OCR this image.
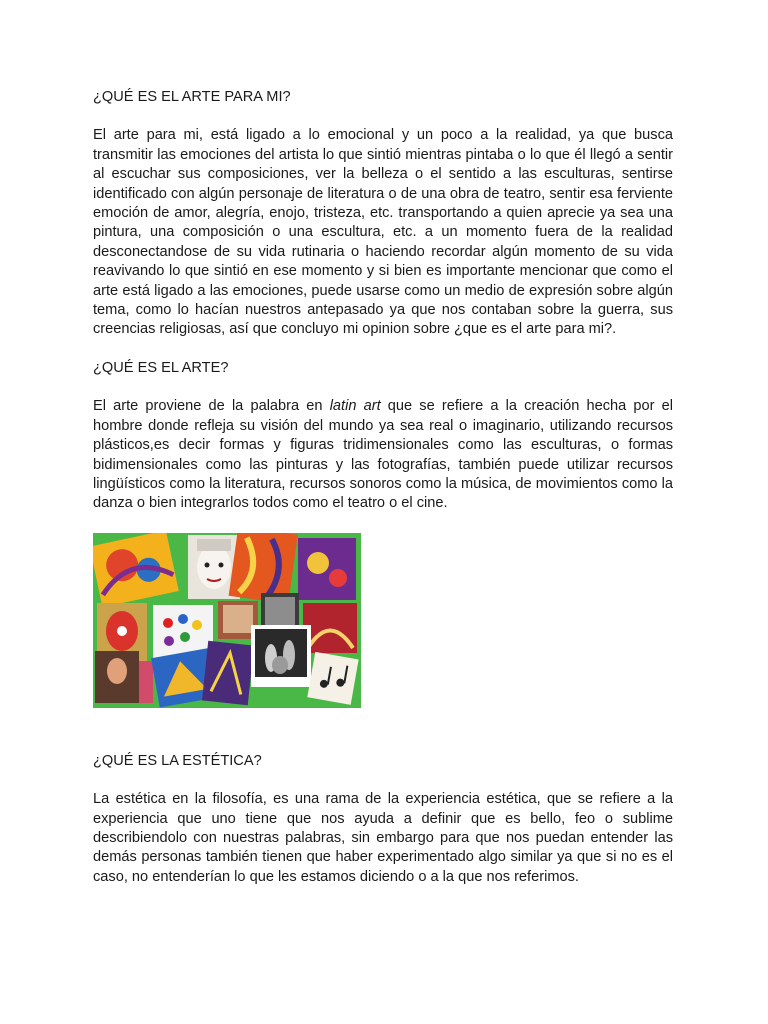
¿QUÉ ES EL ARTE PARA MI?

El arte para mi, está ligado a lo emocional y un poco a la realidad, ya que busca transmitir las emociones del artista lo que sintió mientras pintaba o lo que él llegó a sentir al escuchar sus composiciones, ver la belleza o el sentido a las esculturas, sentirse identificado con algún personaje de literatura o de una obra de teatro, sentir esa ferviente emoción de amor, alegría, enojo, tristeza, etc. transportando a quien aprecie ya sea una pintura, una composición o una escultura, etc. a un momento fuera de la realidad desconectandose de su vida rutinaria o haciendo recordar algún momento de su vida reavivando lo que sintió en ese momento y si bien es importante mencionar que como el arte está ligado a las emociones, puede usarse como un medio de expresión sobre algún tema, como lo hacían nuestros antepasado ya que nos contaban sobre la guerra, sus creencias religiosas, así que concluyo mi opinion sobre ¿que es el arte para mi?.

¿QUÉ ES EL ARTE?

El arte proviene de la palabra en latin art que se refiere a la creación hecha por el hombre donde refleja su visión del mundo ya sea real o imaginario, utilizando recursos plásticos,es decir formas y figuras tridimensionales como las esculturas, o formas bidimensionales como las pinturas y las fotografías, también puede utilizar recursos lingüísticos como la literatura, recursos sonoros como la música, de movimientos como la danza o bien integrarlos todos como el teatro o el cine.

¿QUÉ ES LA ESTÉTICA?

La estética en la filosofía, es una rama de la experiencia estética, que se refiere a la experiencia que uno tiene que nos ayuda a definir que es bello, feo o sublime describiendolo con nuestras palabras, sin embargo para que nos puedan entender las demás personas también tienen que haber experimentado algo similar ya que si no es el caso, no entenderían lo que les estamos diciendo o a la que nos referimos.
